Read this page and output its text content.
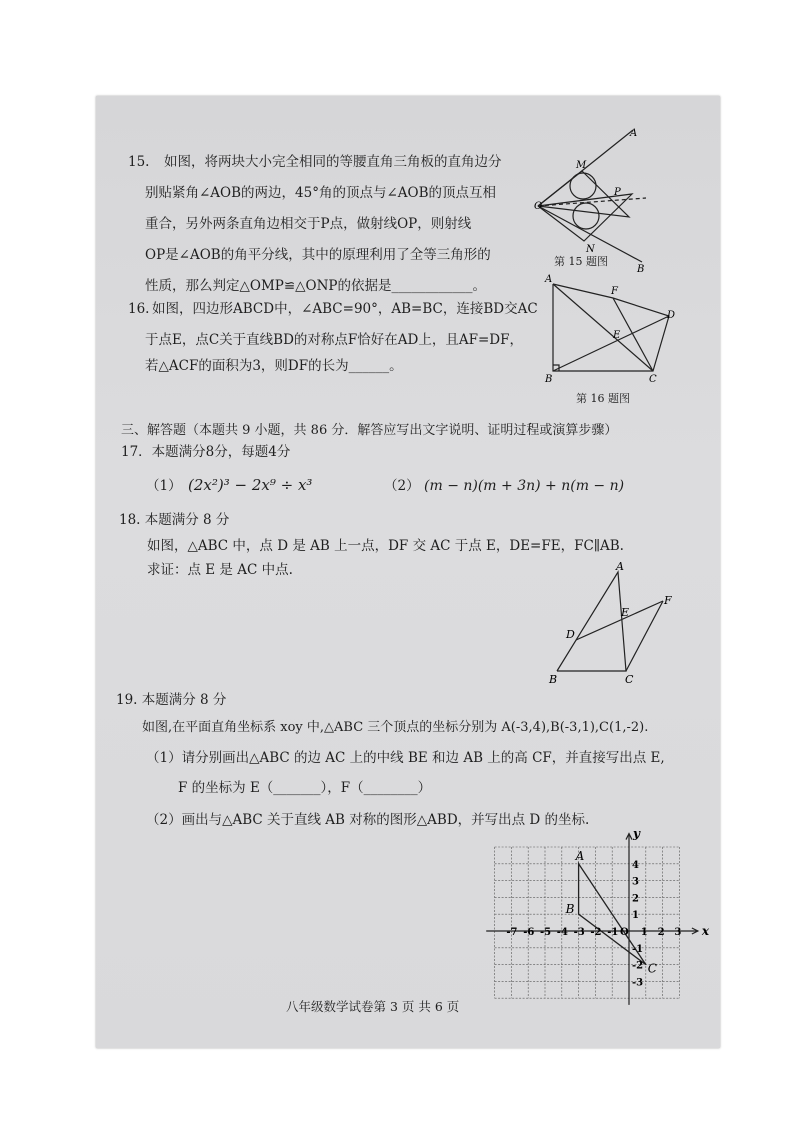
15. 如图，将两块大小完全相同的等腰直角三角板的直角边分
别贴紧角∠AOB的两边，45°角的顶点与∠AOB的顶点互相
重合，另外两条直角边相交于P点，做射线OP，则射线
OP是∠AOB的角平分线，其中的原理利用了全等三角形的
性质，那么判定△OMP≌△ONP的依据是____________。
A
M
O
P
N
B
第 15 题图
16. 如图，四边形ABCD中，∠ABC=90°，AB=BC，连接BD交AC
于点E，点C关于直线BD的对称点F恰好在AD上，且AF=DF，
若△ACF的面积为3，则DF的长为______。
A
F
D
E
B	C
第 16 题图
三、解答题（本题共 9 小题，共 86 分．解答应写出文字说明、证明过程或演算步骤）
17．本题满分8分，每题4分
（1） (2x²)³ − 2x⁹ ÷ x³	（2） (m − n)(m + 3n) + n(m − n)
18. 本题满分 8 分
如图，△ABC 中，点 D 是 AB 上一点，DF 交 AC 于点 E，DE=FE，FC∥AB.
求证：点 E 是 AC 中点.	A
E
F
D
B	C
19. 本题满分 8 分
如图,在平面直角坐标系 xoy 中,△ABC 三个顶点的坐标分别为 A(-3,4),B(-3,1),C(1,-2).
（1）请分别画出△ABC 的边 AC 上的中线 BE 和边 AB 上的高 CF，并直接写出点 E,
F 的坐标为 E（_______），F（________）
（2）画出与△ABC 关于直线 AB 对称的图形△ABD，并写出点 D 的坐标.
-7 -6 -5 -4 -3 -2 -1 1 2 3
4
3
2
1
-1
-2
-3
O	x
y
A
B
C
八年级数学试卷第 3 页 共 6 页
